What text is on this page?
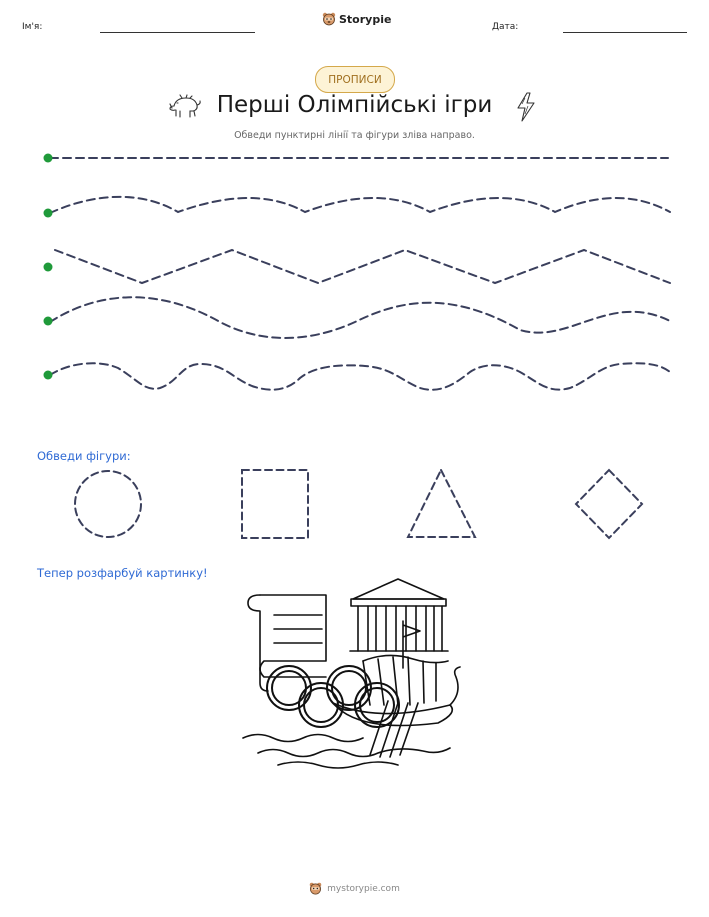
Ім'я:
Storypie
Дата:
ПРОПИСИ
Перші Олімпійські ігри
Обведи пунктирні лінії та фігури зліва направо.
Обведи фігури:
Тепер розфарбуй картинку!
mystorypie.com
